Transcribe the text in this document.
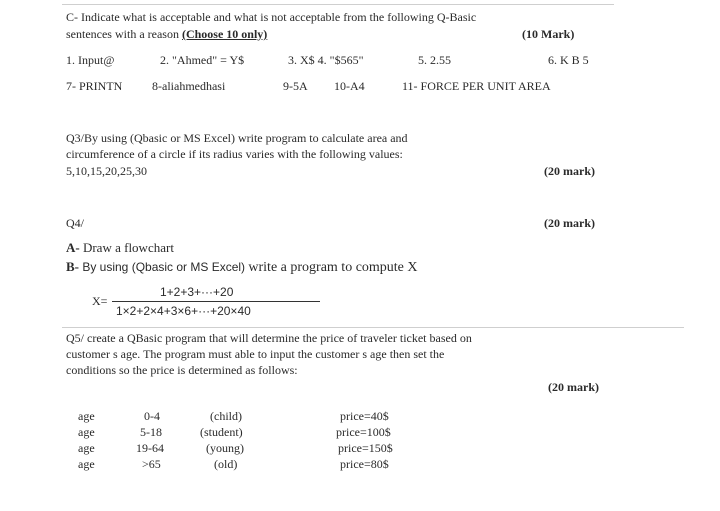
C- Indicate what is acceptable and what is not acceptable from the following Q-Basic
sentences with a reason (Choose 10 only)	(10 Mark)
1. Input@	2. "Ahmed" = Y$	3. X$ 4. "$565"	5. 2.55	6. K B 5
7- PRINTN 8-aliahmedhasi	9-5A 10-A4	11- FORCE PER UNIT AREA
Q3/By using (Qbasic or MS Excel) write program to calculate area and
circumference of a circle if its radius varies with the following values:
5,10,15,20,25,30	(20 mark)
Q4/	(20 mark)
A- Draw a flowchart
B- By using (Qbasic or MS Excel) write a program to compute X
X=
1+2+3+···+20
1×2+2×4+3×6+···+20×40
Q5/ create a QBasic program that will determine the price of traveler ticket based on
customer s age. The program must able to input the customer s age then set the
conditions so the price is determined as follows:
(20 mark)
age	0-4	(child)	price=40$
age	5-18	(student)	price=100$
age	19-64	(young)	price=150$
age	>65	(old)	price=80$
